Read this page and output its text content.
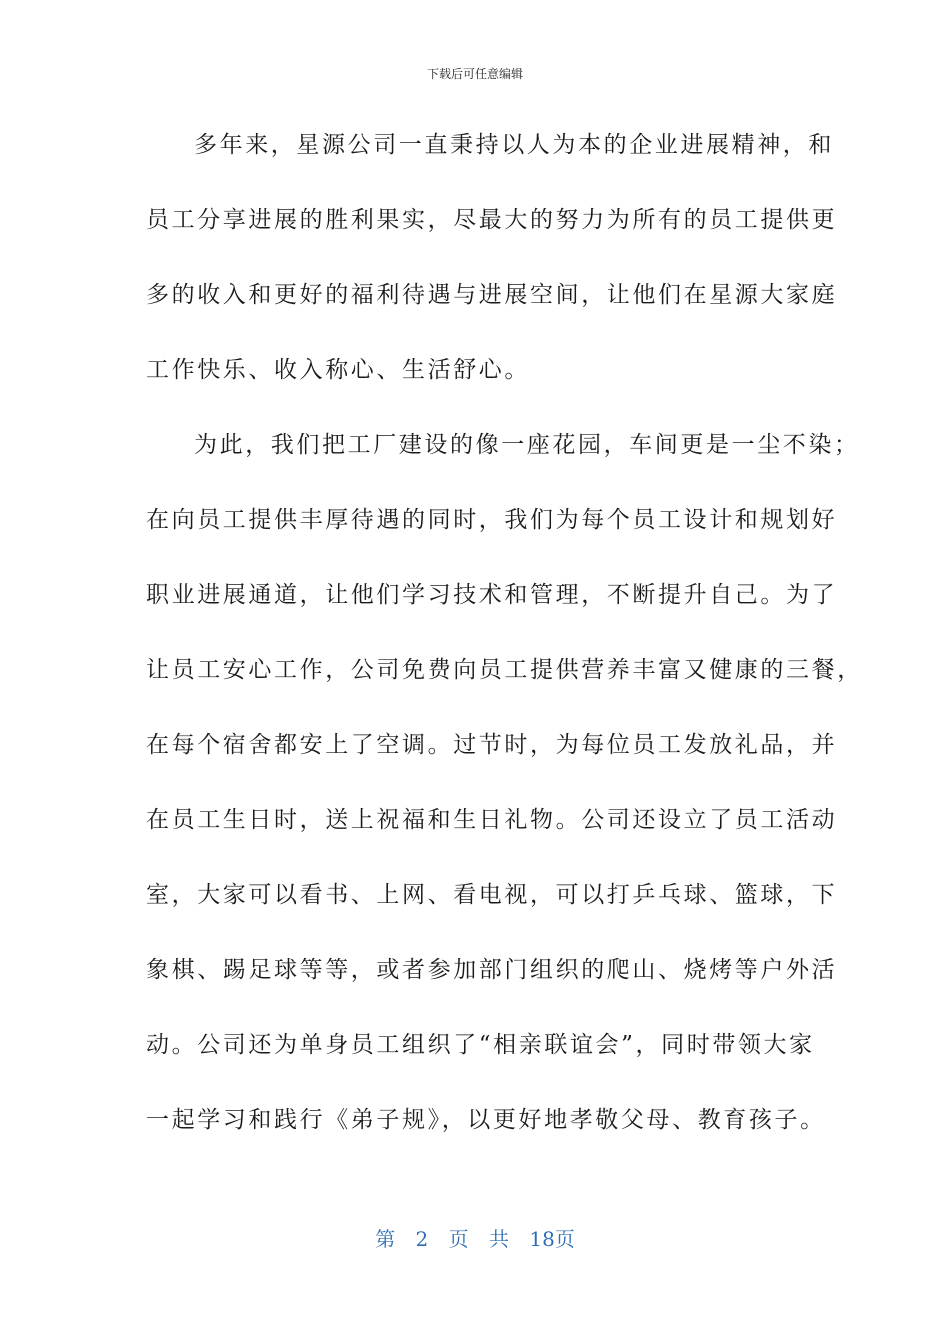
下载后可任意编辑
多年来，星源公司一直秉持以人为本的企业进展精神，和
员工分享进展的胜利果实，尽最大的努力为所有的员工提供更
多的收入和更好的福利待遇与进展空间，让他们在星源大家庭
工作快乐、收入称心、生活舒心。
为此，我们把工厂建设的像一座花园，车间更是一尘不染；
在向员工提供丰厚待遇的同时，我们为每个员工设计和规划好
职业进展通道，让他们学习技术和管理，不断提升自己。为了
让员工安心工作，公司免费向员工提供营养丰富又健康的三餐，
在每个宿舍都安上了空调。过节时，为每位员工发放礼品，并
在员工生日时，送上祝福和生日礼物。公司还设立了员工活动
室，大家可以看书、上网、看电视，可以打乒乓球、篮球，下
象棋、踢足球等等，或者参加部门组织的爬山、烧烤等户外活
动。公司还为单身员工组织了“相亲联谊会”，同时带领大家
一起学习和践行《弟子规》，以更好地孝敬父母、教育孩子。
第 2 页 共 18页
